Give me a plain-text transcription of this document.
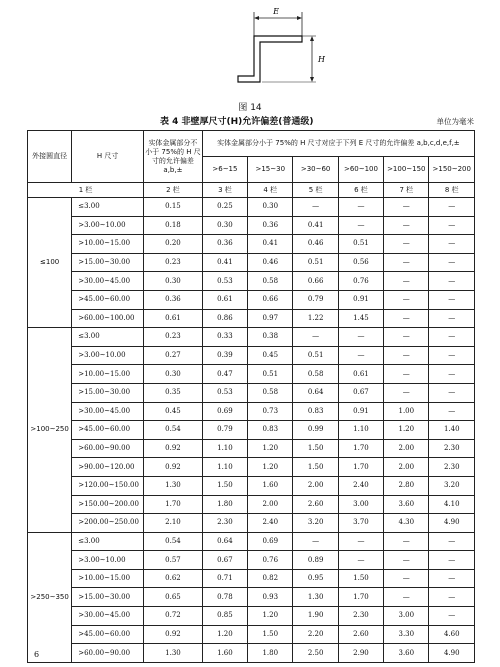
E
H
图 14
表 4 非壁厚尺寸(H)允许偏差(普通级)	单位为毫米
外接圆直径	H 尺寸	实体金属部分不小于 75%的 H 尺寸的允许偏差 a,b,±	实体金属部分小于 75%的 H 尺寸对应于下列 E 尺寸的允许偏差 a,b,c,d,e,f,±					
			>6~15	>15~30	>30~60	>60~100	>100~150	>150~200
1 栏		2 栏	3 栏	4 栏	5 栏	6 栏	7 栏	8 栏
≤100	≤3.00	0.15	0.25	0.30	—	—	—	—
	>3.00~10.00	0.18	0.30	0.36	0.41	—	—	—
	>10.00~15.00	0.20	0.36	0.41	0.46	0.51	—	—
	>15.00~30.00	0.23	0.41	0.46	0.51	0.56	—	—
	>30.00~45.00	0.30	0.53	0.58	0.66	0.76	—	—
	>45.00~60.00	0.36	0.61	0.66	0.79	0.91	—	—
	>60.00~100.00	0.61	0.86	0.97	1.22	1.45	—	—
>100~250	≤3.00	0.23	0.33	0.38	—	—	—	—
	>3.00~10.00	0.27	0.39	0.45	0.51	—	—	—
	>10.00~15.00	0.30	0.47	0.51	0.58	0.61	—	—
	>15.00~30.00	0.35	0.53	0.58	0.64	0.67	—	—
	>30.00~45.00	0.45	0.69	0.73	0.83	0.91	1.00	—
	>45.00~60.00	0.54	0.79	0.83	0.99	1.10	1.20	1.40
	>60.00~90.00	0.92	1.10	1.20	1.50	1.70	2.00	2.30
	>90.00~120.00	0.92	1.10	1.20	1.50	1.70	2.00	2.30
	>120.00~150.00	1.30	1.50	1.60	2.00	2.40	2.80	3.20
	>150.00~200.00	1.70	1.80	2.00	2.60	3.00	3.60	4.10
	>200.00~250.00	2.10	2.30	2.40	3.20	3.70	4.30	4.90
>250~350	≤3.00	0.54	0.64	0.69	—	—	—	—
	>3.00~10.00	0.57	0.67	0.76	0.89	—	—	—
	>10.00~15.00	0.62	0.71	0.82	0.95	1.50	—	—
	>15.00~30.00	0.65	0.78	0.93	1.30	1.70	—	—
	>30.00~45.00	0.72	0.85	1.20	1.90	2.30	3.00	—
	>45.00~60.00	0.92	1.20	1.50	2.20	2.60	3.30	4.60
	>60.00~90.00	1.30	1.60	1.80	2.50	2.90	3.60	4.90
6
